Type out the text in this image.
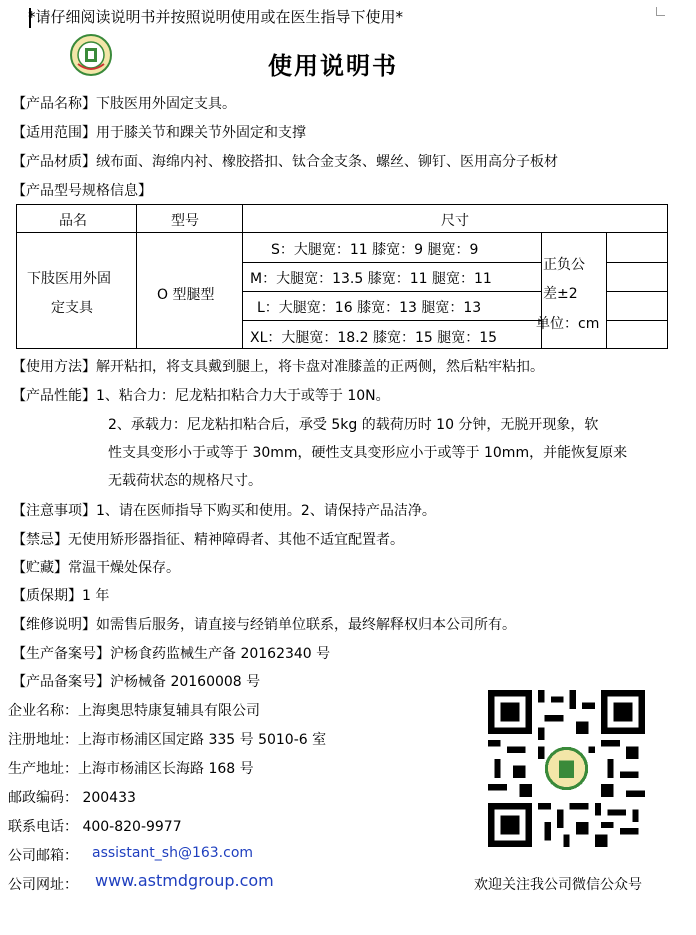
*请仔细阅读说明书并按照说明使用或在医生指导下使用*
使用说明书
【产品名称】下肢医用外固定支具。
【适用范围】用于膝关节和踝关节外固定和支撑
【产品材质】绒布面、海绵内衬、橡胶搭扣、钛合金支条、螺丝、铆钉、医用高分子板材
【产品型号规格信息】
品名	型号	尺寸
下肢医用外固
定支具
O 型腿型
S：大腿宽：11 膝宽：9 腿宽：9
M：大腿宽：13.5 膝宽：11 腿宽：11
L：大腿宽：16 膝宽：13 腿宽：13
XL：大腿宽：18.2 膝宽：15 腿宽：15
正负公
差±2
单位：cm
【使用方法】解开粘扣，将支具戴到腿上，将卡盘对准膝盖的正两侧，然后粘牢粘扣。
【产品性能】1、粘合力：尼龙粘扣粘合力大于或等于 10N。
2、承载力：尼龙粘扣粘合后，承受 5kg 的载荷历时 10 分钟，无脱开现象，软
性支具变形小于或等于 30mm，硬性支具变形应小于或等于 10mm，并能恢复原来
无载荷状态的规格尺寸。
【注意事项】1、请在医师指导下购买和使用。2、请保持产品洁净。
【禁忌】无使用矫形器指征、精神障碍者、其他不适宜配置者。
【贮藏】常温干燥处保存。
【质保期】1 年
【维修说明】如需售后服务，请直接与经销单位联系，最终解释权归本公司所有。
【生产备案号】沪杨食药监械生产备 20162340 号
【产品备案号】沪杨械备 20160008 号
企业名称：上海奥思特康复辅具有限公司
注册地址：上海市杨浦区国定路 335 号 5010-6 室
生产地址：上海市杨浦区长海路 168 号
邮政编码： 200433
联系电话： 400-820-9977
公司邮箱： assistant_sh@163.com
公司网址： www.astmdgroup.com	欢迎关注我公司微信公众号
